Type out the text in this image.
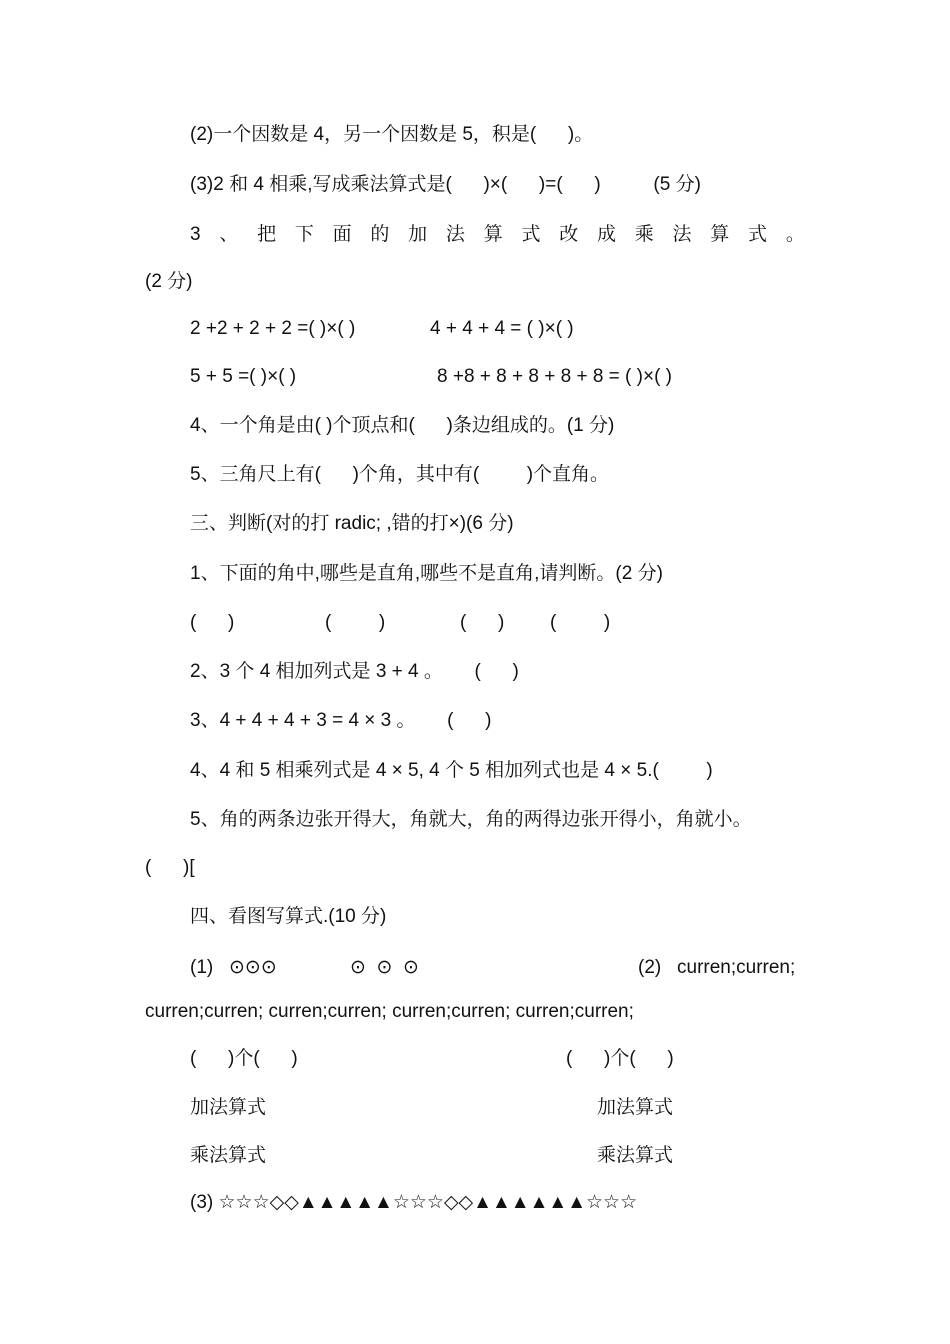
(2)一个因数是 4，另一个因数是 5，积是(      )。
(3)2 和 4 相乘,写成乘法算式是(      )×(      )=(      )          (5 分)
3 、 把 下 面 的 加 法 算 式 改 成 乘 法 算 式 。
(2 分)
2 +2 + 2 + 2 =( )×( )	4 + 4 + 4 = ( )×( )
5 + 5 =( )×( )	8 +8 + 8 + 8 + 8 + 8 = ( )×( )
4、一个角是由( )个顶点和(      )条边组成的。(1 分)
5、三角尺上有(      )个角，其中有(         )个直角。
三、判断(对的打 radic; ,错的打×)(6 分)
1、下面的角中,哪些是直角,哪些不是直角,请判断。(2 分)
(      )	(         )	(      ) (         )
2、3 个 4 相加列式是 3 + 4 。      (      )
3、4 + 4 + 4 + 3 = 4 × 3 。      (      )
4、4 和 5 相乘列式是 4 × 5, 4 个 5 相加列式也是 4 × 5.(         )
5、角的两条边张开得大，角就大，角的两得边张开得小，角就小。
(      )[
四、看图写算式.(10 分)
(1) ⊙⊙⊙	⊙  ⊙  ⊙	(2) curren;curren;
curren;curren; curren;curren; curren;curren; curren;curren;
(      )个(      )	(      )个(      )
加法算式	加法算式
乘法算式	乘法算式
(3) ☆☆☆◇◇▲▲▲▲▲☆☆☆◇◇▲▲▲▲▲▲☆☆☆
